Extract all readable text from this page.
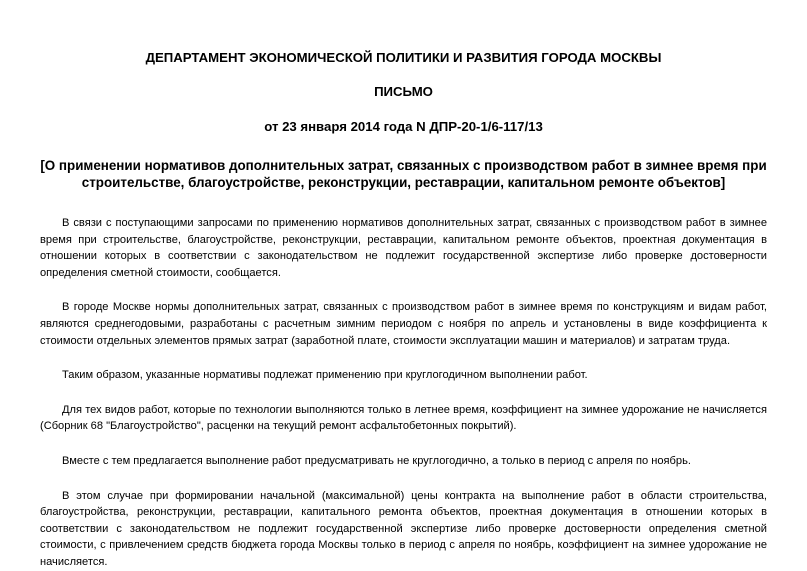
ДЕПАРТАМЕНТ ЭКОНОМИЧЕСКОЙ ПОЛИТИКИ И РАЗВИТИЯ ГОРОДА МОСКВЫ
ПИСЬМО
от 23 января 2014 года N ДПР-20-1/6-117/13
[О применении нормативов дополнительных затрат, связанных с производством работ в зимнее время при строительстве, благоустройстве, реконструкции, реставрации, капитальном ремонте объектов]

В связи с поступающими запросами по применению нормативов дополнительных затрат, связанных с производством работ в зимнее время при строительстве, благоустройстве, реконструкции, реставрации, капитальном ремонте объектов, проектная документация в отношении которых в соответствии с законодательством не подлежит государственной экспертизе либо проверке достоверности определения сметной стоимости, сообщается.

В городе Москве нормы дополнительных затрат, связанных с производством работ в зимнее время по конструкциям и видам работ, являются среднегодовыми, разработаны с расчетным зимним периодом с ноября по апрель и установлены в виде коэффициента к стоимости отдельных элементов прямых затрат (заработной плате, стоимости эксплуатации машин и материалов) и затратам труда.

Таким образом, указанные нормативы подлежат применению при круглогодичном выполнении работ.

Для тех видов работ, которые по технологии выполняются только в летнее время, коэффициент на зимнее удорожание не начисляется (Сборник 68 "Благоустройство", расценки на текущий ремонт асфальтобетонных покрытий).

Вместе с тем предлагается выполнение работ предусматривать не круглогодично, а только в период с апреля по ноябрь.

В этом случае при формировании начальной (максимальной) цены контракта на выполнение работ в области строительства, благоустройства, реконструкции, реставрации, капитального ремонта объектов, проектная документация в отношении которых в соответствии с законодательством не подлежит государственной экспертизе либо проверке достоверности определения сметной стоимости, с привлечением средств бюджета города Москвы только в период с апреля по ноябрь, коэффициент на зимнее удорожание не начисляется.
